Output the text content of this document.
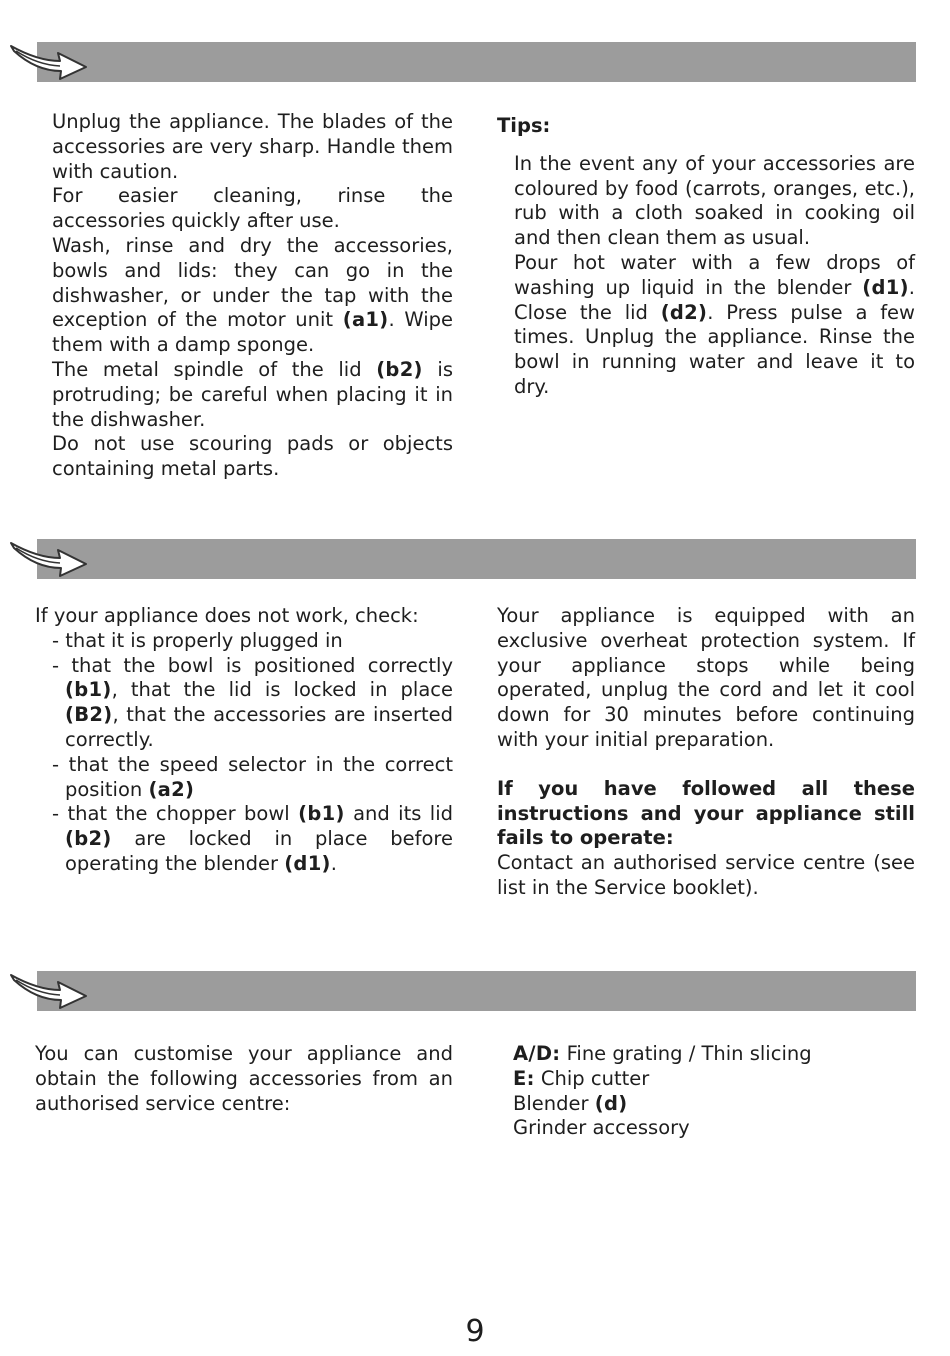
Unplug the appliance. The blades of the accessories are very sharp. Handle them with caution.

For easier cleaning, rinse the accessories quickly after use.

Wash, rinse and dry the accessories, bowls and lids: they can go in the dishwasher, or under the tap with the exception of the motor unit (a1). Wipe them with a damp sponge.

The metal spindle of the lid (b2) is protruding; be careful when placing it in the dishwasher.

Do not use scouring pads or objects containing metal parts.

Tips:

In the event any of your accessories are coloured by food (carrots, oranges, etc.), rub with a cloth soaked in cooking oil and then clean them as usual.

Pour hot water with a few drops of washing up liquid in the blender (d1). Close the lid (d2). Press pulse a few times. Unplug the appliance. Rinse the bowl in running water and leave it to dry.

If your appliance does not work, check:

- that it is properly plugged in

- that the bowl is positioned correctly (b1), that the lid is locked in place (B2), that the accessories are inserted correctly.

- that the speed selector in the correct position (a2)

- that the chopper bowl (b1) and its lid (b2) are locked in place before operating the blender (d1).

Your appliance is equipped with an exclusive overheat protection system. If your appliance stops while being operated, unplug the cord and let it cool down for 30 minutes before continuing with your initial preparation.

If you have followed all these instructions and your appliance still fails to operate:

Contact an authorised service centre (see list in the Service booklet).

You can customise your appliance and obtain the following accessories from an authorised service centre:

A/D: Fine grating / Thin slicing

E: Chip cutter

Blender (d)

Grinder accessory

9
